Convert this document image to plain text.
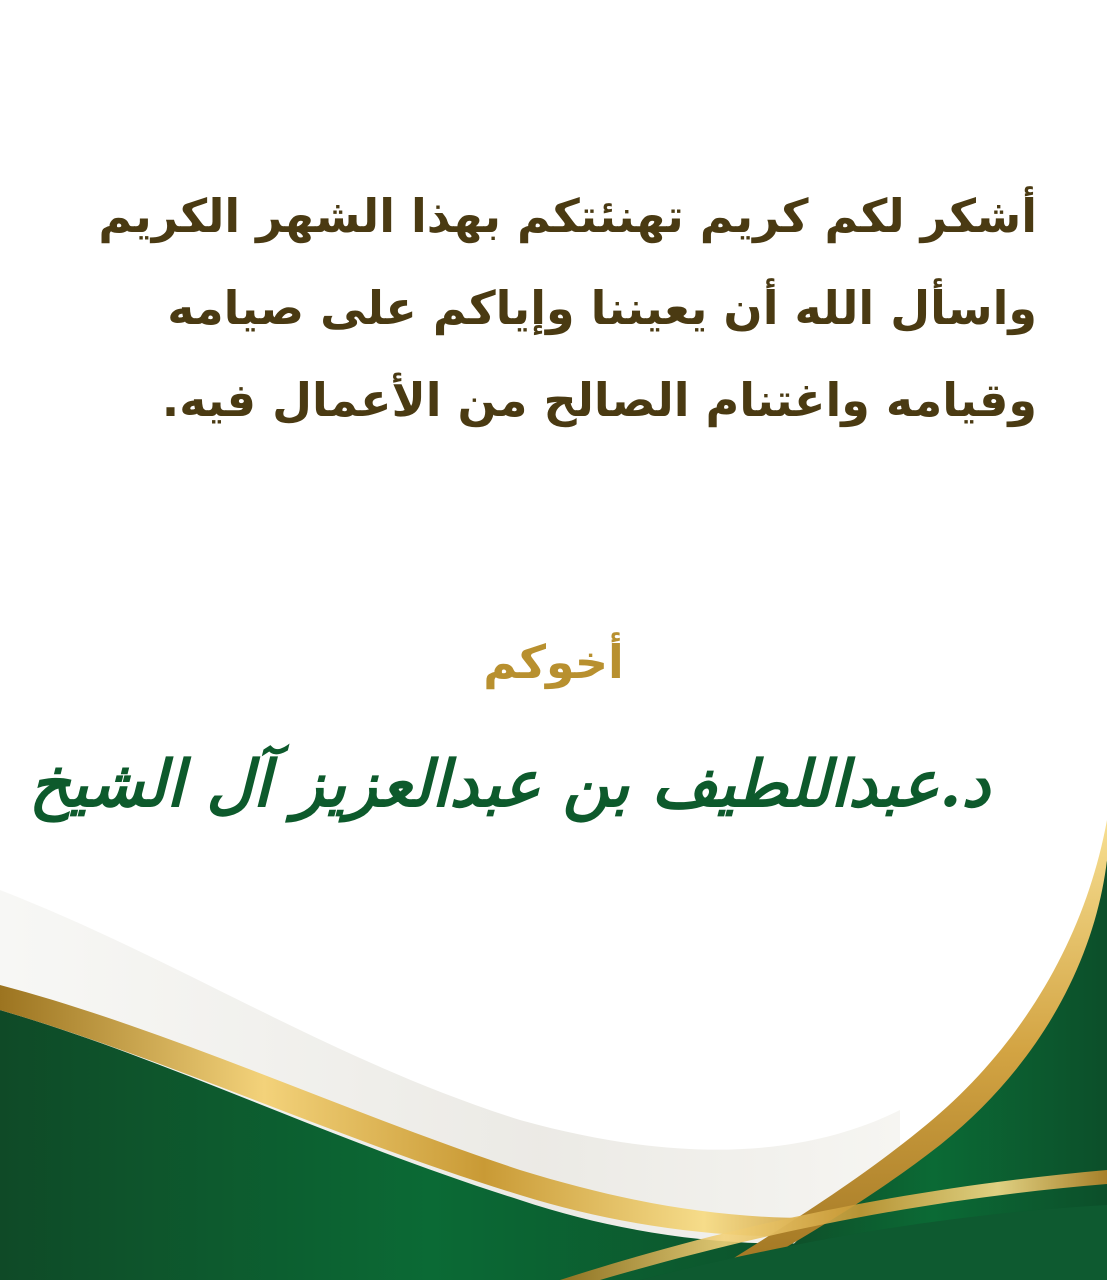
أشكر لكم كريم تهنئتكم بهذا الشهر الكريم
واسأل الله أن يعيننا وإياكم على صيامه
وقيامه واغتنام الصالح من الأعمال فيه.
أخوكم
د.عبداللطيف بن عبدالعزيز آل الشيخ
